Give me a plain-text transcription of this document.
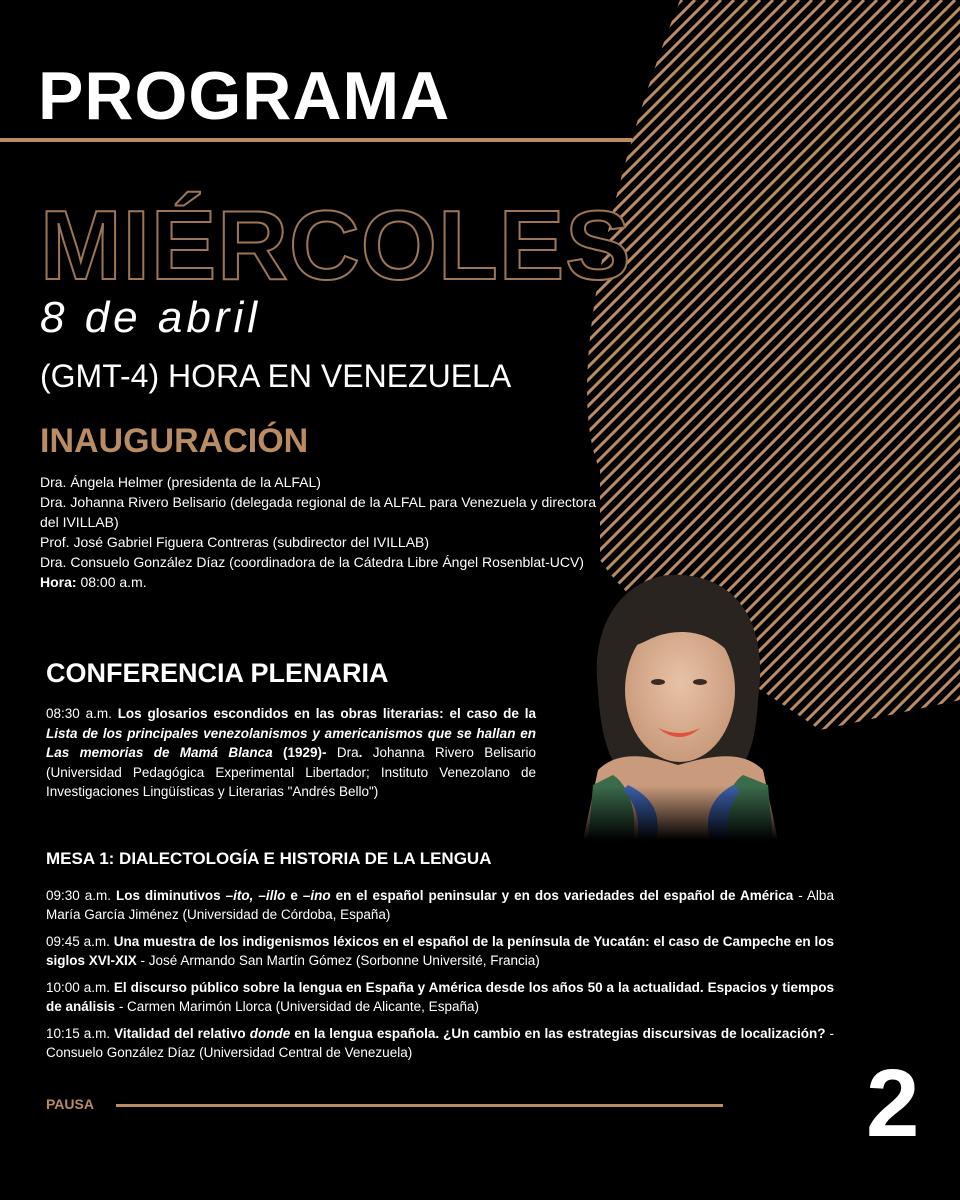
PROGRAMA
MIÉRCOLES
8 de abril
(GMT-4) HORA EN VENEZUELA
INAUGURACIÓN
Dra. Ángela Helmer (presidenta de la ALFAL)
Dra. Johanna Rivero Belisario (delegada regional de la ALFAL para Venezuela y directora del IVILLAB)
Prof. José Gabriel Figuera Contreras (subdirector del IVILLAB)
Dra. Consuelo González Díaz (coordinadora de la Cátedra Libre Ángel Rosenblat-UCV)
Hora: 08:00 a.m.
CONFERENCIA PLENARIA
08:30 a.m. Los glosarios escondidos en las obras literarias: el caso de la Lista de los principales venezolanismos y americanismos que se hallan en Las memorias de Mamá Blanca (1929)- Dra. Johanna Rivero Belisario (Universidad Pedagógica Experimental Libertador; Instituto Venezolano de Investigaciones Lingüísticas y Literarias "Andrés Bello")
MESA 1: DIALECTOLOGÍA E HISTORIA DE LA LENGUA
09:30 a.m. Los diminutivos –ito, –illo e –ino en el español peninsular y en dos variedades del español de América - Alba María García Jiménez (Universidad de Córdoba, España)
09:45 a.m. Una muestra de los indigenismos léxicos en el español de la península de Yucatán: el caso de Campeche en los siglos XVI-XIX - José Armando San Martín Gómez (Sorbonne Université, Francia)
10:00 a.m. El discurso público sobre la lengua en España y América desde los años 50 a la actualidad. Espacios y tiempos de análisis - Carmen Marimón Llorca (Universidad de Alicante, España)
10:15 a.m. Vitalidad del relativo donde en la lengua española. ¿Un cambio en las estrategias discursivas de localización? - Consuelo González Díaz (Universidad Central de Venezuela)
PAUSA	2
